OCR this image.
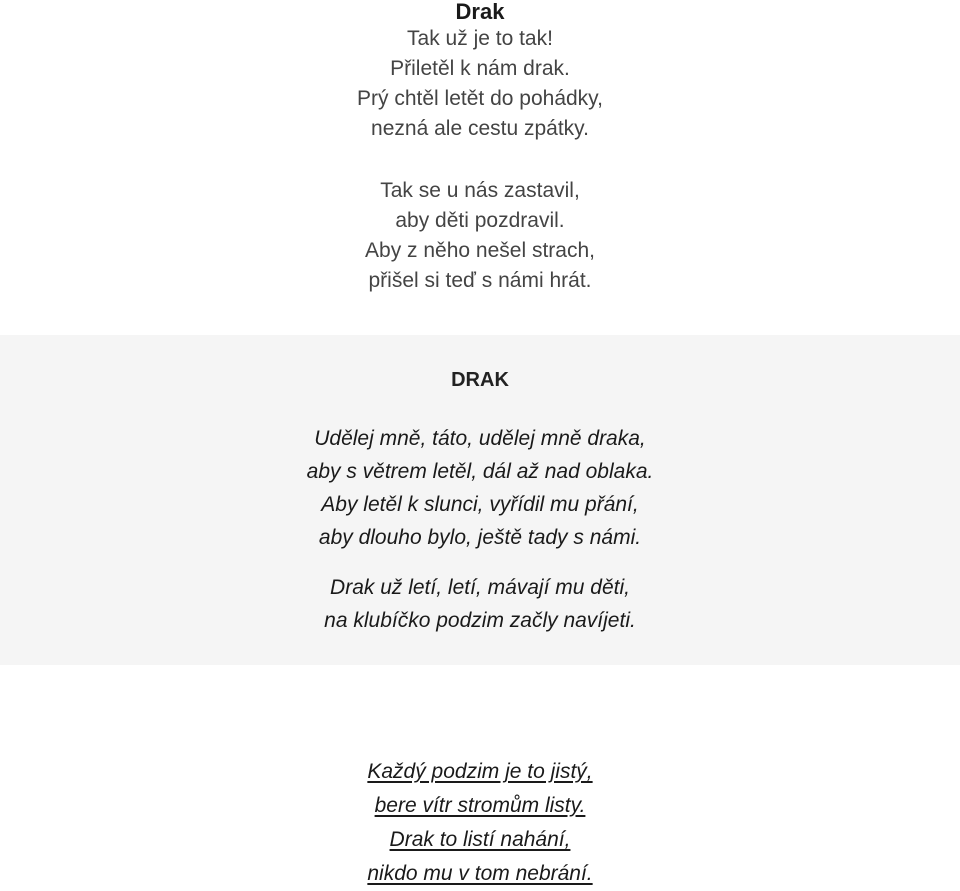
Drak
Tak už je to tak!
Přiletěl k nám drak.
Prý chtěl letět do pohádky,
nezná ale cestu zpátky.
Tak se u nás zastavil,
aby děti pozdravil.
Aby z něho nešel strach,
přišel si teď s námi hrát.
DRAK
Udělej mně, táto, udělej mně draka,
aby s větrem letěl, dál až nad oblaka.
Aby letěl k slunci, vyřídil mu přání,
aby dlouho bylo, ještě tady s námi.
Drak už letí, letí, mávají mu děti,
na klubíčko podzim začly navíjeti.
Každý podzim je to jistý,
bere vítr stromům listy.
Drak to listí nahání,
nikdo mu v tom nebrání.
